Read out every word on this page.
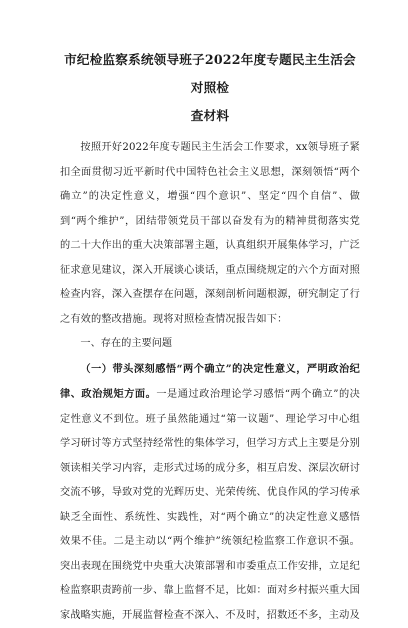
市纪检监察系统领导班子2022年度专题民主生活会对照检
查材料

按照开好2022年度专题民主生活会工作要求，xx领导班子紧扣全面贯彻习近平新时代中国特色社会主义思想，深刻领悟“两个确立”的决定性意义，增强“四个意识”、坚定“四个自信”、做到“两个维护”，团结带领党员干部以奋发有为的精神贯彻落实党的二十大作出的重大决策部署主题，认真组织开展集体学习，广泛征求意见建议，深入开展谈心谈话，重点围绕规定的六个方面对照检查内容，深入查摆存在问题，深刻剖析问题根源，研究制定了行之有效的整改措施。现将对照检查情况报告如下：

一、存在的主要问题

（一）带头深刻感悟“两个确立”的决定性意义，严明政治纪律、政治规矩方面。一是通过政治理论学习感悟“两个确立”的决定性意义不到位。班子虽然能通过“第一议题”、理论学习中心组学习研讨等方式坚持经常性的集体学习，但学习方式上主要是分别领读相关学习内容，走形式过场的成分多，相互启发、深层次研讨交流不够，导致对党的光辉历史、光荣传统、优良作风的学习传承缺乏全面性、系统性、实践性，对“两个确立”的决定性意义感悟效果不佳。二是主动以“两个维护”统领纪检监察工作意识不强。突出表现在围绕党中央重大决策部署和市委重点工作安排，立足纪检监察职责跨前一步、靠上监督不足，比如：面对乡村振兴重大国家战略实施，开展监督检查不深入、不及时，招数还不多，主动及
